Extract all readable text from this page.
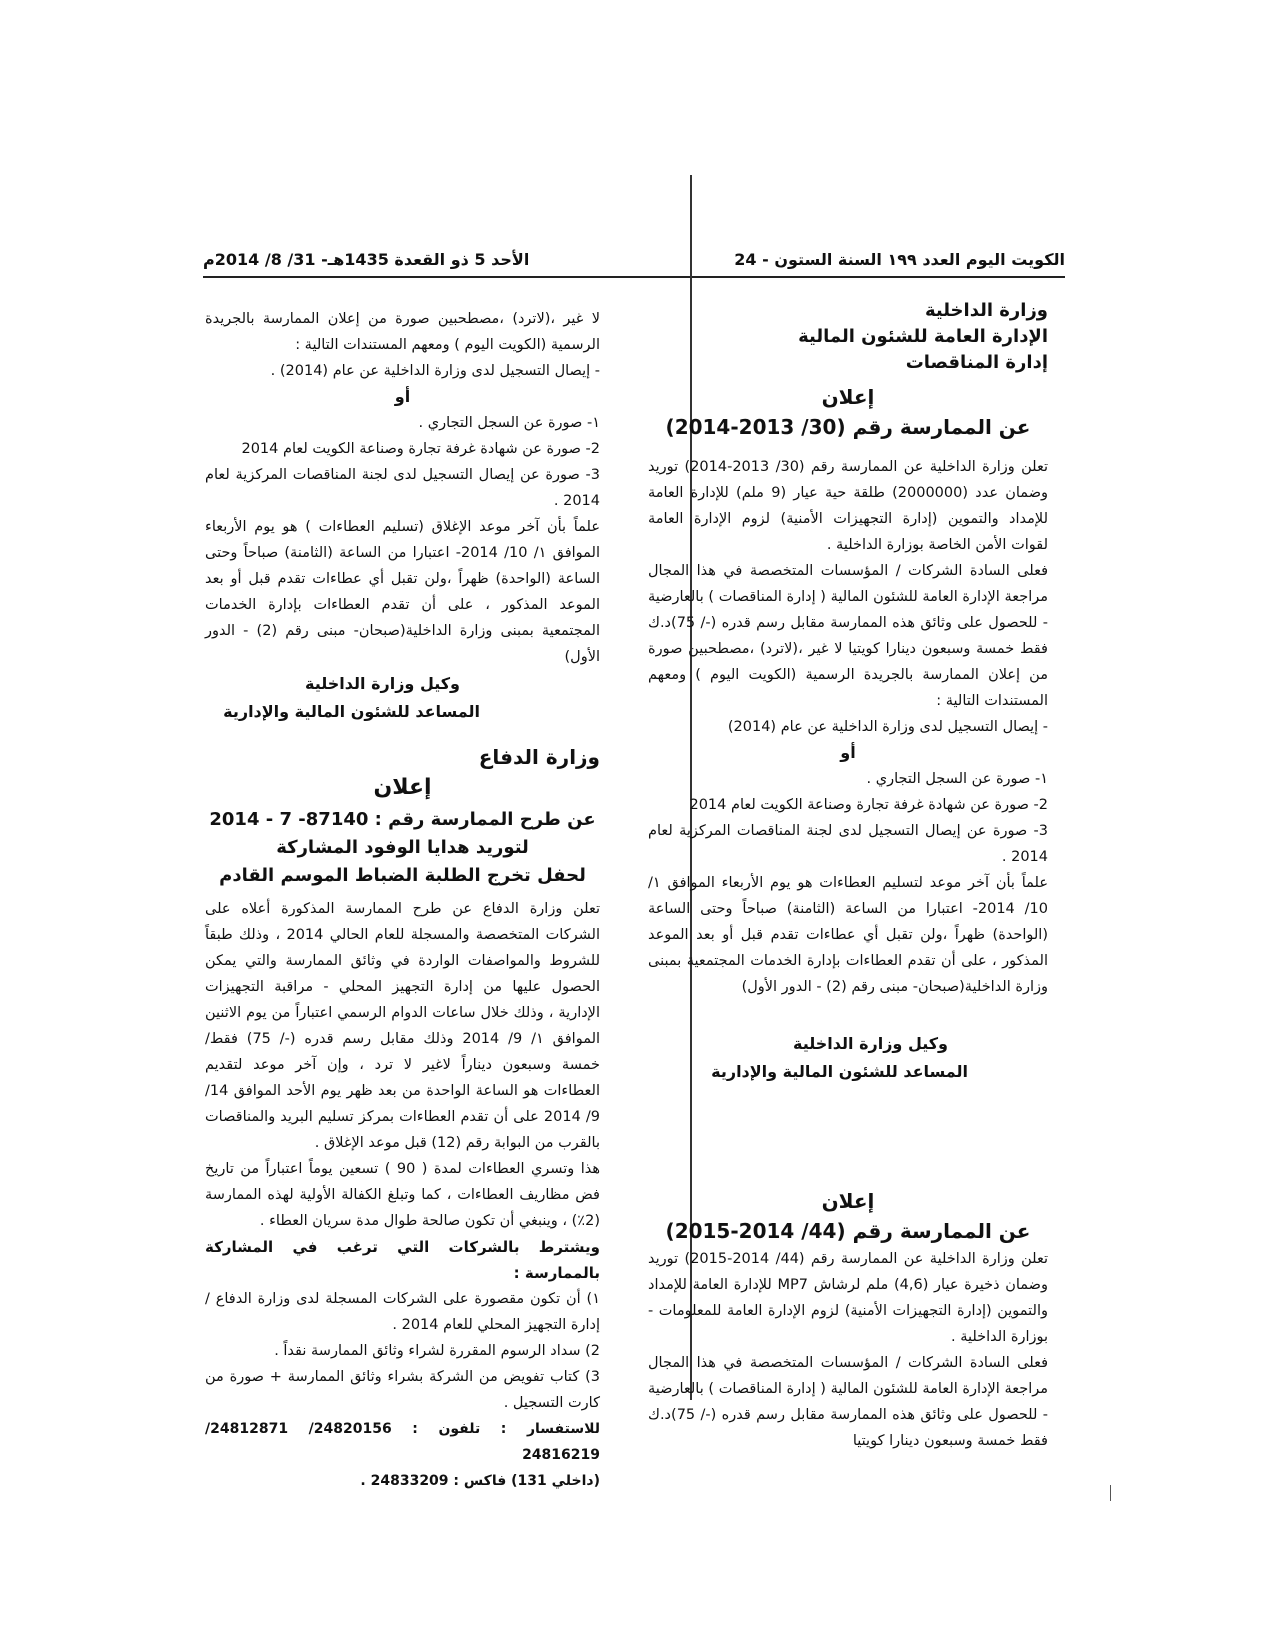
الكويت اليوم العدد ١٩٩ السنة الستون - 24
الأحد 5 ذو القعدة 1435هـ- 31/ 8/ 2014م
وزارة الداخلية
الإدارة العامة للشئون المالية
إدارة المناقصات
إعلان
عن الممارسة رقم (30/ 2013-2014)
تعلن وزارة الداخلية عن الممارسة رقم (30/ 2013-2014) توريد وضمان عدد (2000000) طلقة حية عيار (9 ملم) للإدارة العامة للإمداد والتموين (إدارة التجهيزات الأمنية) لزوم الإدارة العامة لقوات الأمن الخاصة بوزارة الداخلية .
فعلى السادة الشركات / المؤسسات المتخصصة في هذا المجال مراجعة الإدارة العامة للشئون المالية ( إدارة المناقصات ) بالعارضية - للحصول على وثائق هذه الممارسة مقابل رسم قدره (-/ 75)د.ك فقط خمسة وسبعون دينارا كويتيا لا غير ،(لاترد) ،مصطحبين صورة من إعلان الممارسة بالجريدة الرسمية (الكويت اليوم ) ومعهم المستندات التالية :
- إيصال التسجيل لدى وزارة الداخلية عن عام (2014)
أو
١- صورة عن السجل التجاري .
2- صورة عن شهادة غرفة تجارة وصناعة الكويت لعام 2014
3- صورة عن إيصال التسجيل لدى لجنة المناقصات المركزية لعام 2014 .
علماً بأن آخر موعد لتسليم العطاءات هو يوم الأربعاء الموافق ١/ 10/ 2014- اعتبارا من الساعة (الثامنة) صباحاً وحتى الساعة (الواحدة) ظهراً ،ولن تقبل أي عطاءات تقدم قبل أو بعد الموعد المذكور ، على أن تقدم العطاءات بإدارة الخدمات المجتمعية بمبنى وزارة الداخلية(صبحان- مبنى رقم (2) - الدور الأول)
وكيل وزارة الداخلية
المساعد للشئون المالية والإدارية
إعلان
عن الممارسة رقم (44/ 2014-2015)
تعلن وزارة الداخلية عن الممارسة رقم (44/ 2014-2015) توريد وضمان ذخيرة عيار (4,6) ملم لرشاش MP7 للإدارة العامة للإمداد والتموين (إدارة التجهيزات الأمنية) لزوم الإدارة العامة للمعلومات - بوزارة الداخلية .
فعلى السادة الشركات / المؤسسات المتخصصة في هذا المجال مراجعة الإدارة العامة للشئون المالية ( إدارة المناقصات ) بالعارضية - للحصول على وثائق هذه الممارسة مقابل رسم قدره (-/ 75)د.ك فقط خمسة وسبعون دينارا كويتيا
لا غير ،(لاترد) ،مصطحبين صورة من إعلان الممارسة بالجريدة الرسمية (الكويت اليوم ) ومعهم المستندات التالية :
- إيصال التسجيل لدى وزارة الداخلية عن عام (2014) .
أو
١- صورة عن السجل التجاري .
2- صورة عن شهادة غرفة تجارة وصناعة الكويت لعام 2014
3- صورة عن إيصال التسجيل لدى لجنة المناقصات المركزية لعام 2014 .
علماً بأن آخر موعد الإغلاق (تسليم العطاءات ) هو يوم الأربعاء الموافق ١/ 10/ 2014- اعتبارا من الساعة (الثامنة) صباحاً وحتى الساعة (الواحدة) ظهراً ،ولن تقبل أي عطاءات تقدم قبل أو بعد الموعد المذكور ، على أن تقدم العطاءات بإدارة الخدمات المجتمعية بمبنى وزارة الداخلية(صبحان- مبنى رقم (2) - الدور الأول)
وكيل وزارة الداخلية
المساعد للشئون المالية والإدارية
وزارة الدفاع
إعلان
عن طرح الممارسة رقم : 87140- 7 - 2014
لتوريد هدايا الوفود المشاركة
لحفل تخرج الطلبة الضباط الموسم القادم
تعلن وزارة الدفاع عن طرح الممارسة المذكورة أعلاه على الشركات المتخصصة والمسجلة للعام الحالي 2014 ، وذلك طبقاً للشروط والمواصفات الواردة في وثائق الممارسة والتي يمكن الحصول عليها من إدارة التجهيز المحلي - مراقبة التجهيزات الإدارية ، وذلك خلال ساعات الدوام الرسمي اعتباراً من يوم الاثنين الموافق ١/ 9/ 2014 وذلك مقابل رسم قدره (-/ 75) فقط/ خمسة وسبعون ديناراً لاغير لا ترد ، وإن آخر موعد لتقديم العطاءات هو الساعة الواحدة من بعد ظهر يوم الأحد الموافق 14/ 9/ 2014 على أن تقدم العطاءات بمركز تسليم البريد والمناقصات بالقرب من البوابة رقم (12) قبل موعد الإغلاق .
هذا وتسري العطاءات لمدة ( 90 ) تسعين يوماً اعتباراً من تاريخ فض مظاريف العطاءات ، كما وتبلغ الكفالة الأولية لهذه الممارسة (2٪) ، وينبغي أن تكون صالحة طوال مدة سريان العطاء .
ويشترط بالشركات التي ترغب في المشاركة بالممارسة :
١) أن تكون مقصورة على الشركات المسجلة لدى وزارة الدفاع / إدارة التجهيز المحلي للعام 2014 .
2) سداد الرسوم المقررة لشراء وثائق الممارسة نقداً .
3) كتاب تفويض من الشركة بشراء وثائق الممارسة + صورة من كارت التسجيل .
للاستفسار : تلفون : 24820156/ 24812871/ 24816219
(داخلي 131) فاكس : 24833209 .
